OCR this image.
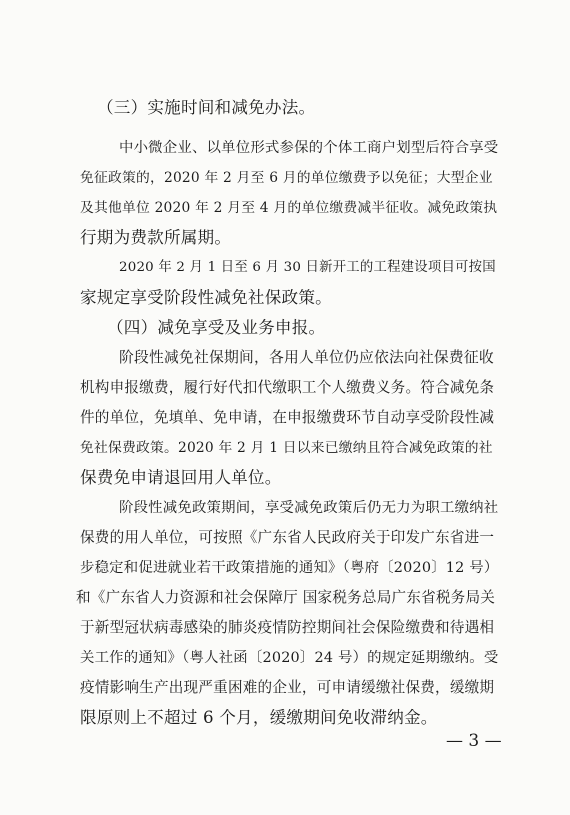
（三）实施时间和减免办法。
中小微企业、以单位形式参保的个体工商户划型后符合享受
免征政策的，2020 年 2 月至 6 月的单位缴费予以免征；大型企业
及其他单位 2020 年 2 月至 4 月的单位缴费减半征收。减免政策执
行期为费款所属期。
2020 年 2 月 1 日至 6 月 30 日新开工的工程建设项目可按国
家规定享受阶段性减免社保政策。
（四）减免享受及业务申报。
阶段性减免社保期间，各用人单位仍应依法向社保费征收
机构申报缴费，履行好代扣代缴职工个人缴费义务。符合减免条
件的单位，免填单、免申请，在申报缴费环节自动享受阶段性减
免社保费政策。2020 年 2 月 1 日以来已缴纳且符合减免政策的社
保费免申请退回用人单位。
阶段性减免政策期间，享受减免政策后仍无力为职工缴纳社
保费的用人单位，可按照《广东省人民政府关于印发广东省进一
步稳定和促进就业若干政策措施的通知》（粤府〔2020〕12 号）
和《广东省人力资源和社会保障厅 国家税务总局广东省税务局关
于新型冠状病毒感染的肺炎疫情防控期间社会保险缴费和待遇相
关工作的通知》（粤人社函〔2020〕24 号）的规定延期缴纳。受
疫情影响生产出现严重困难的企业，可申请缓缴社保费，缓缴期
限原则上不超过 6 个月，缓缴期间免收滞纳金。
— 3 —
